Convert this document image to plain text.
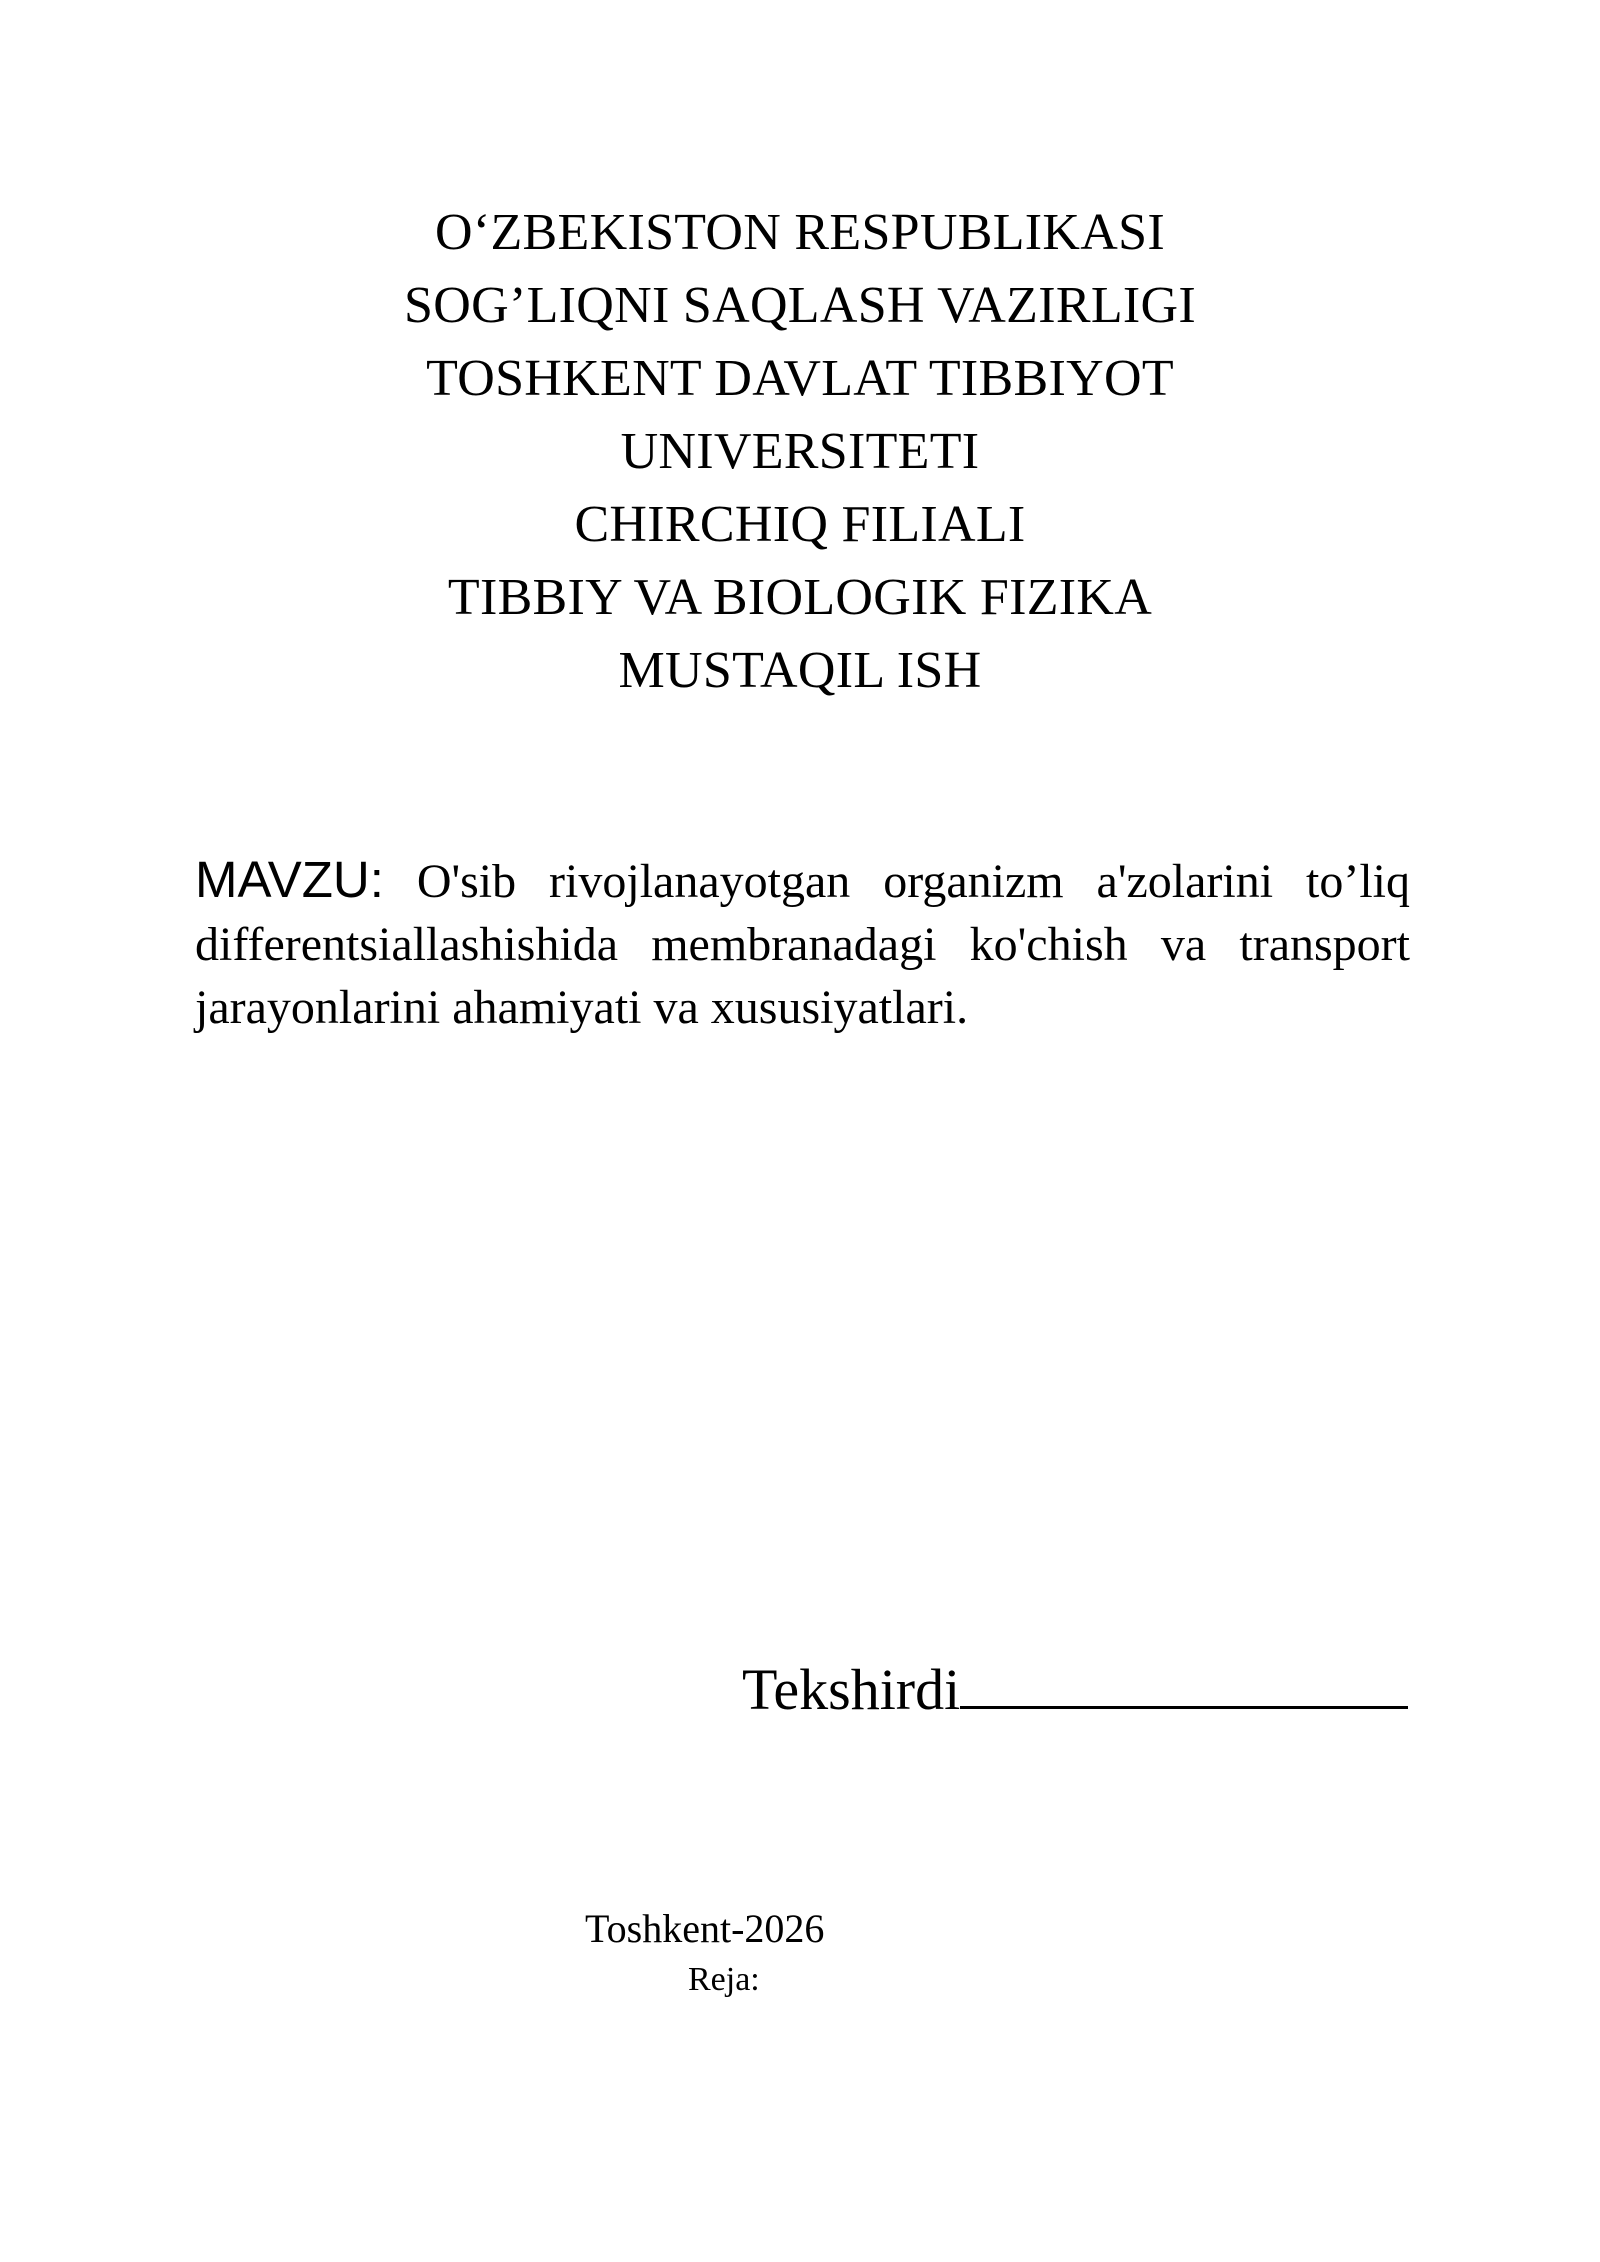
O‘ZBEKISTON RESPUBLIKASI
SOG’LIQNI SAQLASH VAZIRLIGI
TOSHKENT DAVLAT TIBBIYOT
UNIVERSITETI
CHIRCHIQ FILIALI
TIBBIY VA BIOLOGIK FIZIKA
MUSTAQIL ISH
MAVZU: O'sib rivojlanayotgan organizm a'zolarini to’liq differentsiallashishida membranadagi ko'chish va transport jarayonlarini ahamiyati va xususiyatlari.
Tekshirdi
Toshkent-2026
Reja:
